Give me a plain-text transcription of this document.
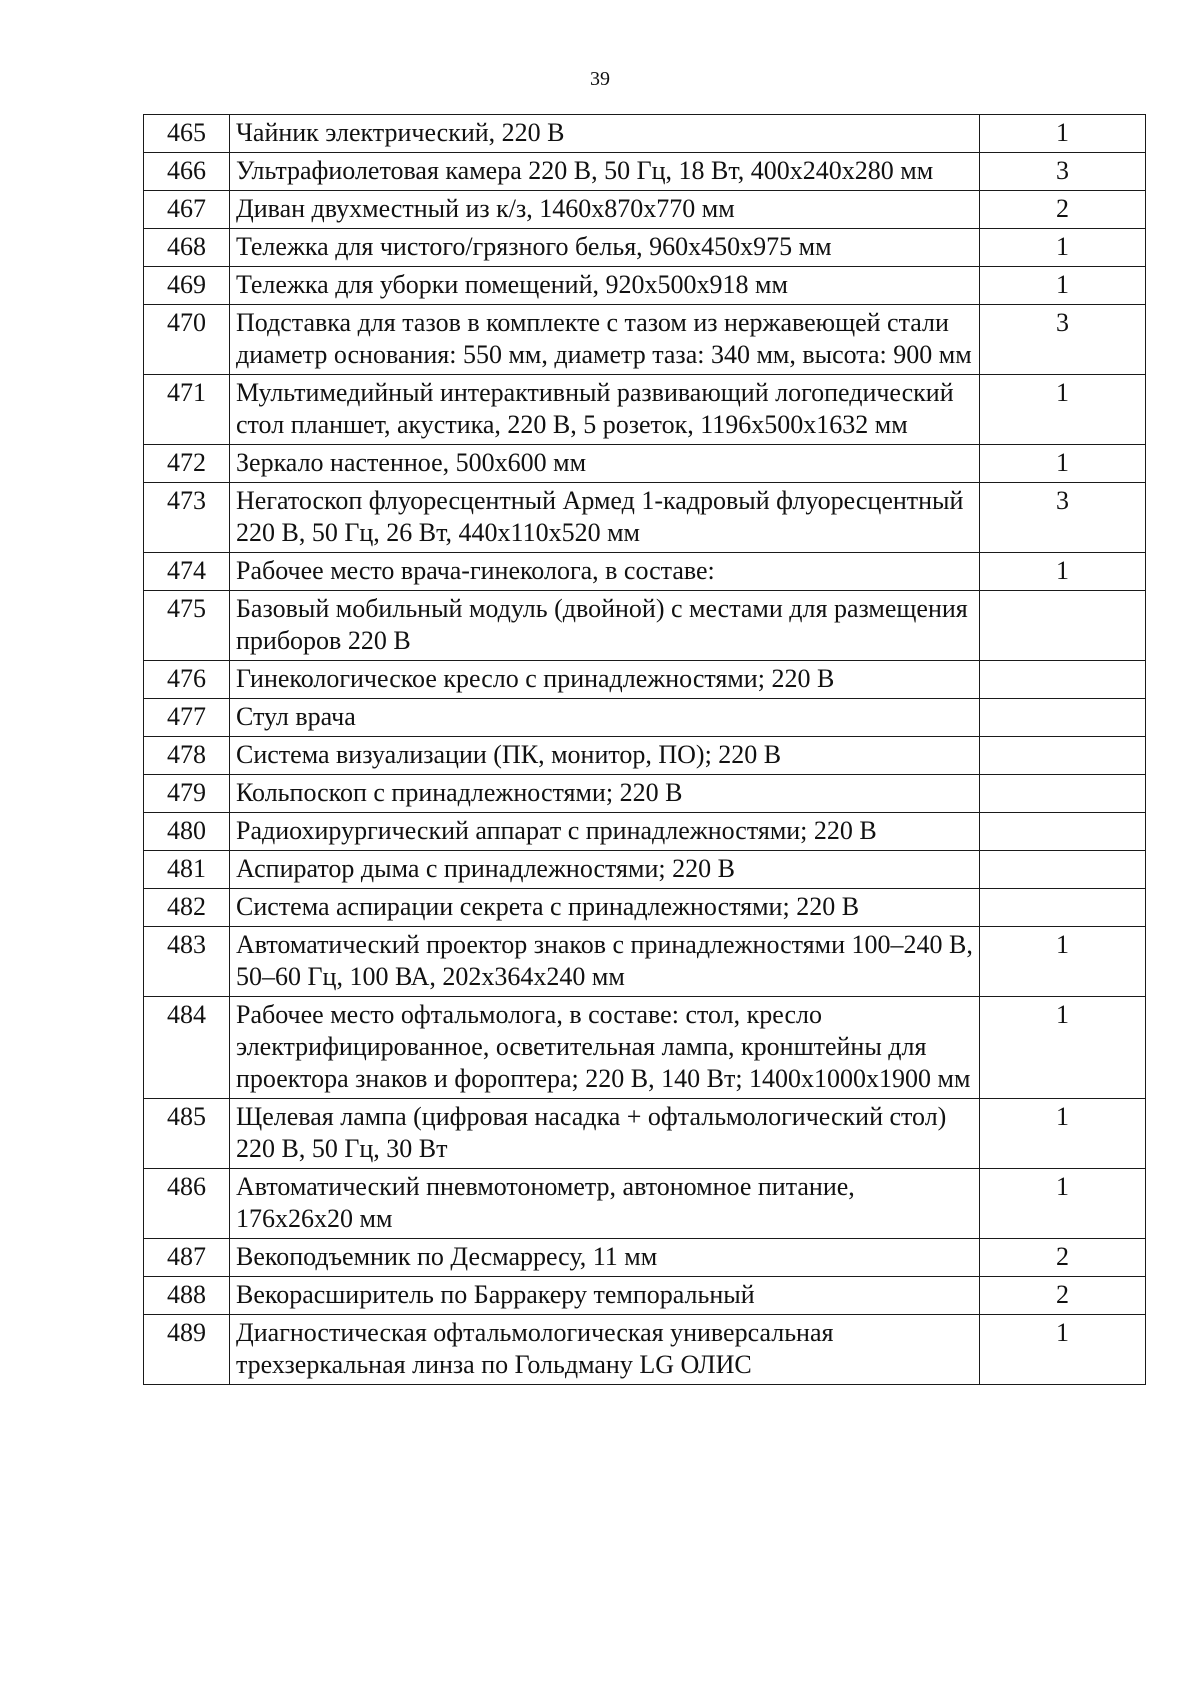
39
465	Чайник электрический, 220 В	1
466	Ультрафиолетовая камера 220 В, 50 Гц, 18 Вт, 400х240х280 мм	3
467	Диван двухместный из к/з, 1460х870х770 мм	2
468	Тележка для чистого/грязного белья, 960х450х975 мм	1
469	Тележка для уборки помещений, 920х500х918 мм	1
470	Подставка для тазов в комплекте с тазом из нержавеющей стали диаметр основания: 550 мм, диаметр таза: 340 мм, высота: 900 мм	3
471	Мультимедийный интерактивный развивающий логопедический стол планшет, акустика, 220 В, 5 розеток, 1196х500х1632 мм	1
472	Зеркало настенное, 500х600 мм	1
473	Негатоскоп флуоресцентный Армед 1-кадровый флуоресцентный 220 В, 50 Гц, 26 Вт, 440х110х520 мм	3
474	Рабочее место врача-гинеколога, в составе:	1
475	Базовый мобильный модуль (двойной) с местами для размещения приборов 220 В	
476	Гинекологическое кресло с принадлежностями; 220 В	
477	Стул врача	
478	Система визуализации (ПК, монитор, ПО); 220 В	
479	Кольпоскоп с принадлежностями; 220 В	
480	Радиохирургический аппарат с принадлежностями; 220 В	
481	Аспиратор дыма с принадлежностями; 220 В	
482	Система аспирации секрета с принадлежностями; 220 В	
483	Автоматический проектор знаков с принадлежностями 100–240 В, 50–60 Гц, 100 ВА, 202х364х240 мм	1
484	Рабочее место офтальмолога, в составе: стол, кресло электрифицированное, осветительная лампа, кронштейны для проектора знаков и фороптера; 220 В, 140 Вт; 1400х1000х1900 мм	1
485	Щелевая лампа (цифровая насадка + офтальмологический стол) 220 В, 50 Гц, 30 Вт	1
486	Автоматический пневмотонометр, автономное питание, 176х26х20 мм	1
487	Векоподъемник по Десмарресу, 11 мм	2
488	Векорасширитель по Барракеру темпоральный	2
489	Диагностическая офтальмологическая универсальная трехзеркальная линза по Гольдману LG ОЛИС	1
